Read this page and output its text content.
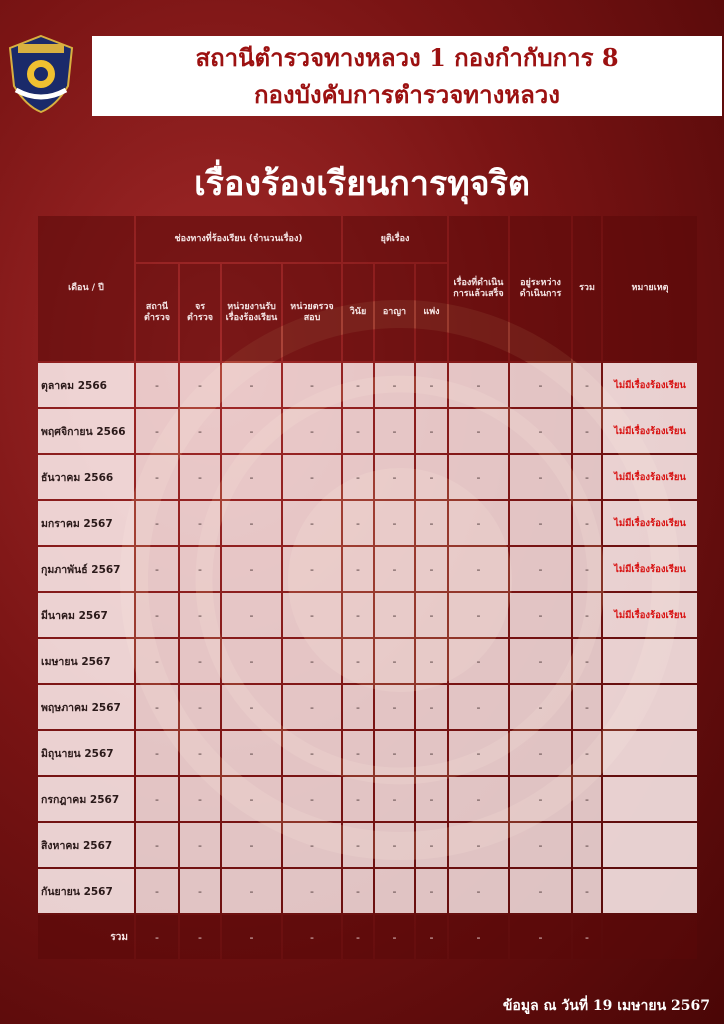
สถานีตำรวจทางหลวง 1 กองกำกับการ 8
กองบังคับการตำรวจทางหลวง
เรื่องร้องเรียนการทุจริต
เดือน / ปี
ช่องทางที่ร้องเรียน (จำนวนเรื่อง)	ยุติเรื่อง
เรื่องที่ดำเนินการแล้วเสร็จ
อยู่ระหว่างดำเนินการ
รวม	หมายเหตุ
สถานีตำรวจ
จรตำรวจ
หน่วยงานรับเรื่องร้องเรียน
หน่วยตรวจสอบ
วินัย	อาญา	แพ่ง
ตุลาคม 2566	-	-	-	-	-	-	-	-	-	-	ไม่มีเรื่องร้องเรียน
พฤศจิกายน 2566	-	-	-	-	-	-	-	-	-	-	ไม่มีเรื่องร้องเรียน
ธันวาคม 2566	-	-	-	-	-	-	-	-	-	-	ไม่มีเรื่องร้องเรียน
มกราคม 2567	-	-	-	-	-	-	-	-	-	-	ไม่มีเรื่องร้องเรียน
กุมภาพันธ์ 2567	-	-	-	-	-	-	-	-	-	-	ไม่มีเรื่องร้องเรียน
มีนาคม 2567	-	-	-	-	-	-	-	-	-	-	ไม่มีเรื่องร้องเรียน
เมษายน 2567	-	-	-	-	-	-	-	-	-	-
พฤษภาคม 2567	-	-	-	-	-	-	-	-	-	-
มิถุนายน 2567	-	-	-	-	-	-	-	-	-	-
กรกฎาคม 2567	-	-	-	-	-	-	-	-	-	-
สิงหาคม 2567	-	-	-	-	-	-	-	-	-	-
กันยายน 2567	-	-	-	-	-	-	-	-	-	-
รวม	-	-	-	-	-	-	-	-	-	-
ข้อมูล ณ วันที่ 19 เมษายน 2567
